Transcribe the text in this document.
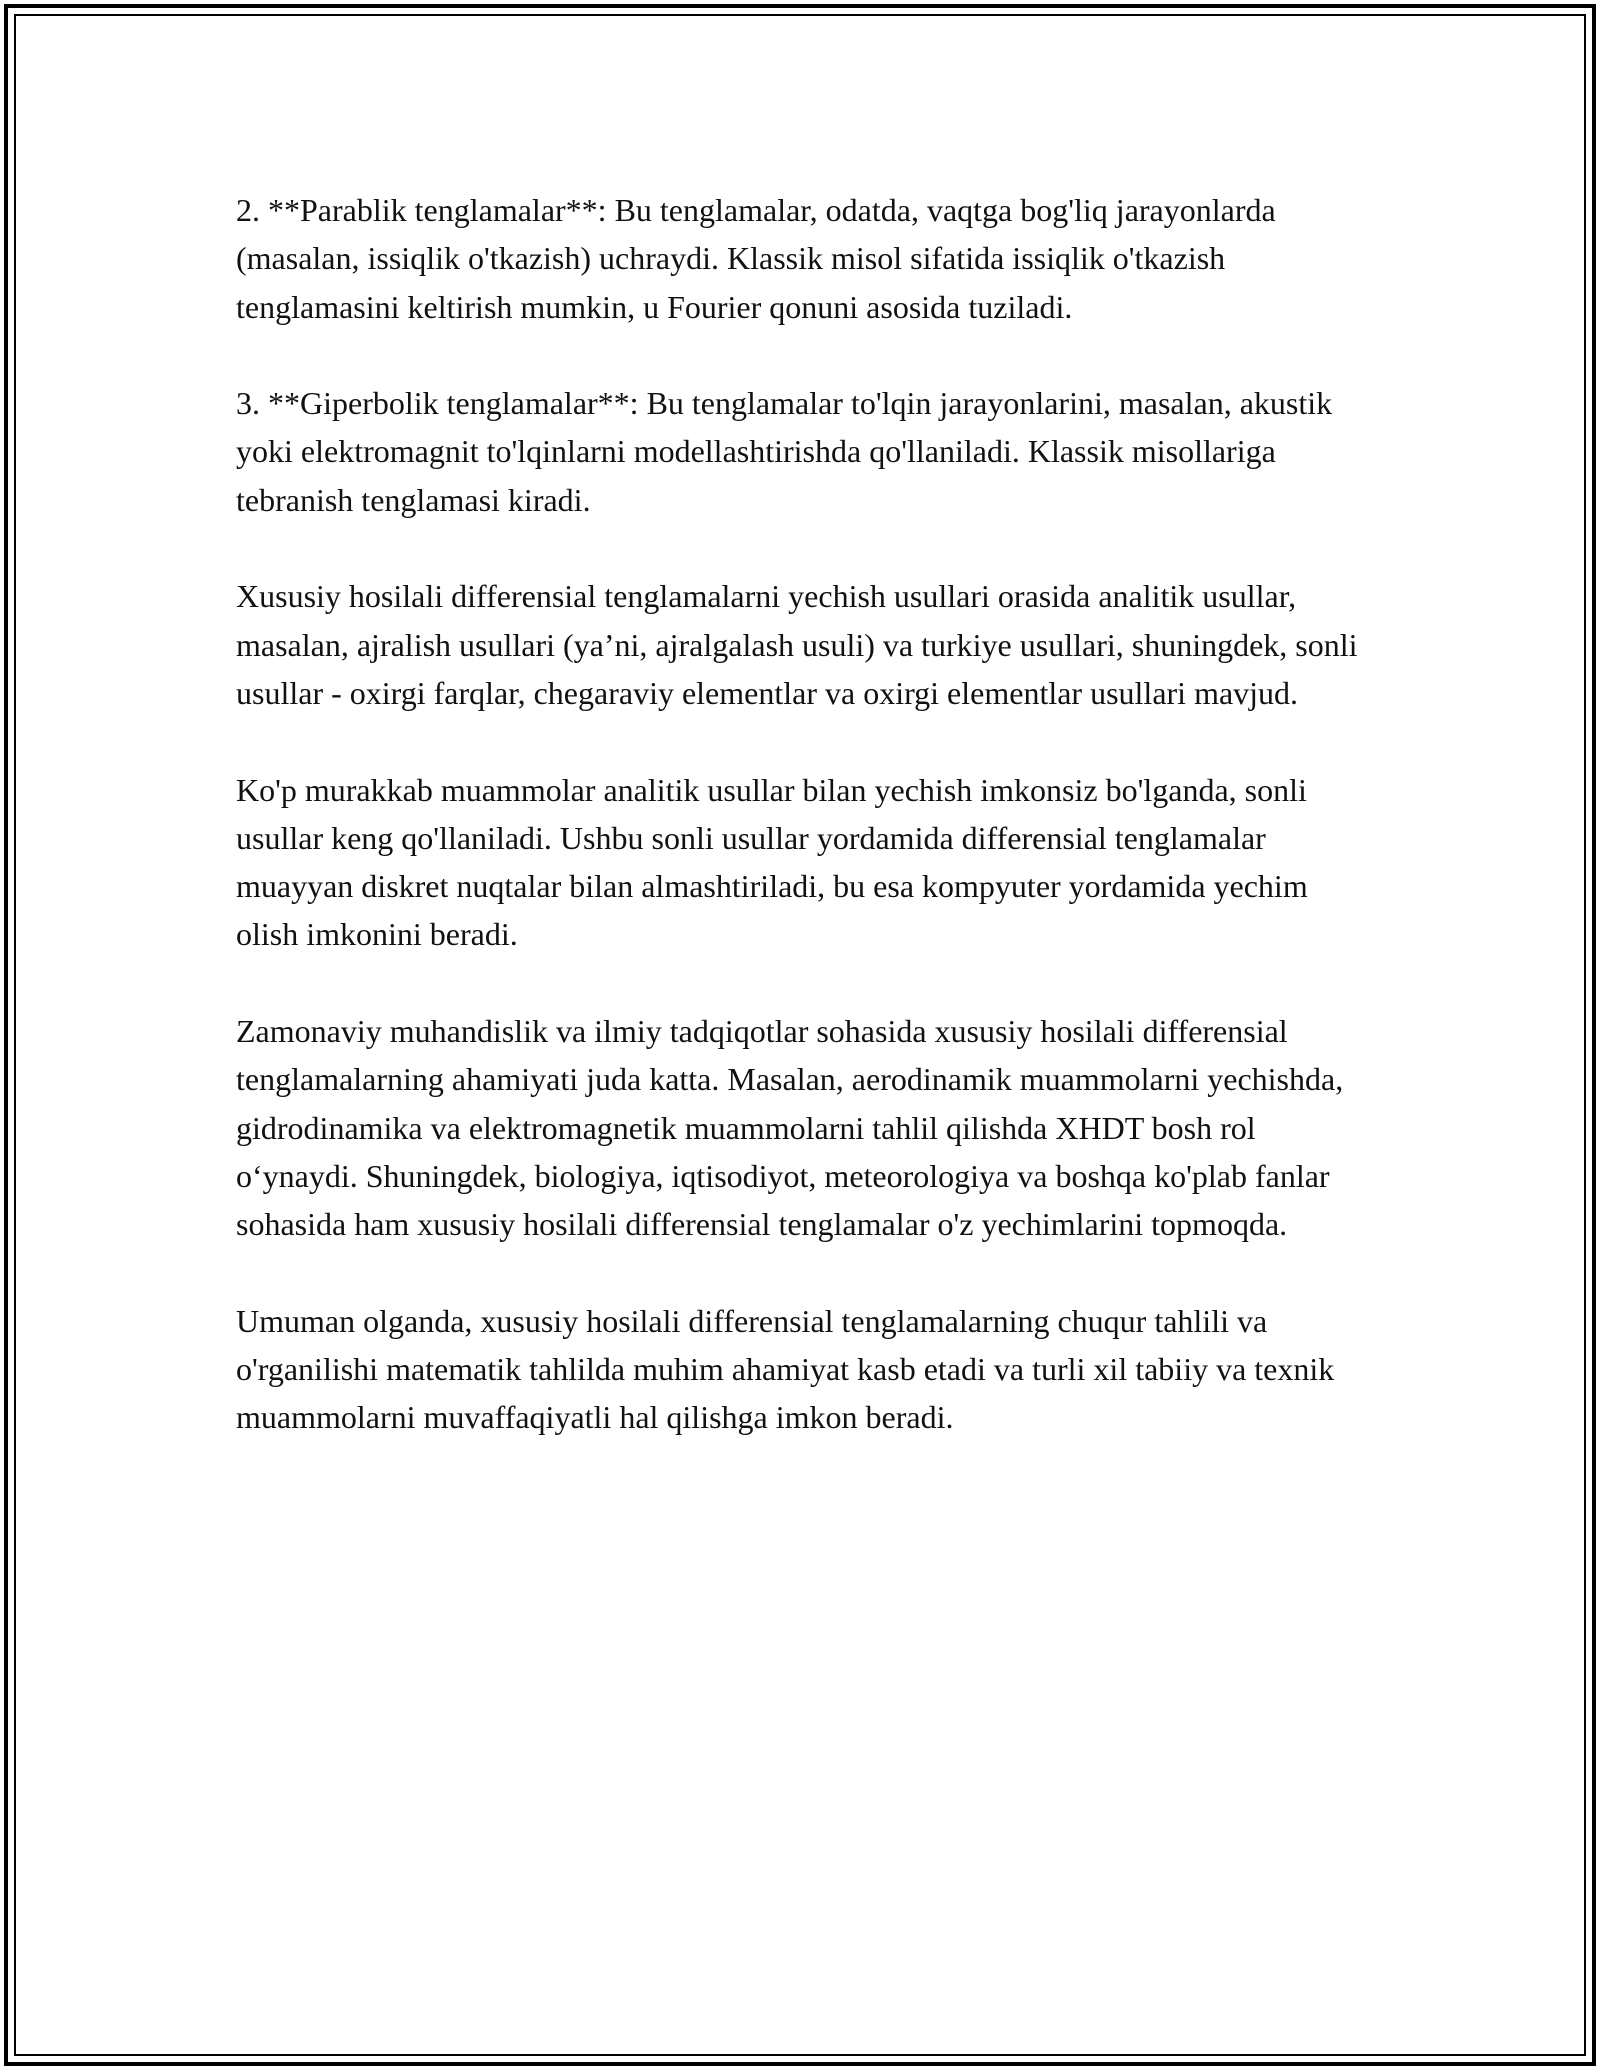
2. **Parablik tenglamalar**: Bu tenglamalar, odatda, vaqtga bog'liq jarayonlarda (masalan, issiqlik o'tkazish) uchraydi. Klassik misol sifatida issiqlik o'tkazish tenglamasini keltirish mumkin, u Fourier qonuni asosida tuziladi.

3. **Giperbolik tenglamalar**: Bu tenglamalar to'lqin jarayonlarini, masalan, akustik yoki elektromagnit to'lqinlarni modellashtirishda qo'llaniladi. Klassik misollariga tebranish tenglamasi kiradi.

Xususiy hosilali differensial tenglamalarni yechish usullari orasida analitik usullar, masalan, ajralish usullari (ya’ni, ajralgalash usuli) va turkiye usullari, shuningdek, sonli usullar - oxirgi farqlar, chegaraviy elementlar va oxirgi elementlar usullari mavjud.

Ko'p murakkab muammolar analitik usullar bilan yechish imkonsiz bo'lganda, sonli usullar keng qo'llaniladi. Ushbu sonli usullar yordamida differensial tenglamalar muayyan diskret nuqtalar bilan almashtiriladi, bu esa kompyuter yordamida yechim olish imkonini beradi.

Zamonaviy muhandislik va ilmiy tadqiqotlar sohasida xususiy hosilali differensial tenglamalarning ahamiyati juda katta. Masalan, aerodinamik muammolarni yechishda, gidrodinamika va elektromagnetik muammolarni tahlil qilishda XHDT bosh rol o‘ynaydi. Shuningdek, biologiya, iqtisodiyot, meteorologiya va boshqa ko'plab fanlar sohasida ham xususiy hosilali differensial tenglamalar o'z yechimlarini topmoqda.

Umuman olganda, xususiy hosilali differensial tenglamalarning chuqur tahlili va o'rganilishi matematik tahlilda muhim ahamiyat kasb etadi va turli xil tabiiy va texnik muammolarni muvaffaqiyatli hal qilishga imkon beradi.
